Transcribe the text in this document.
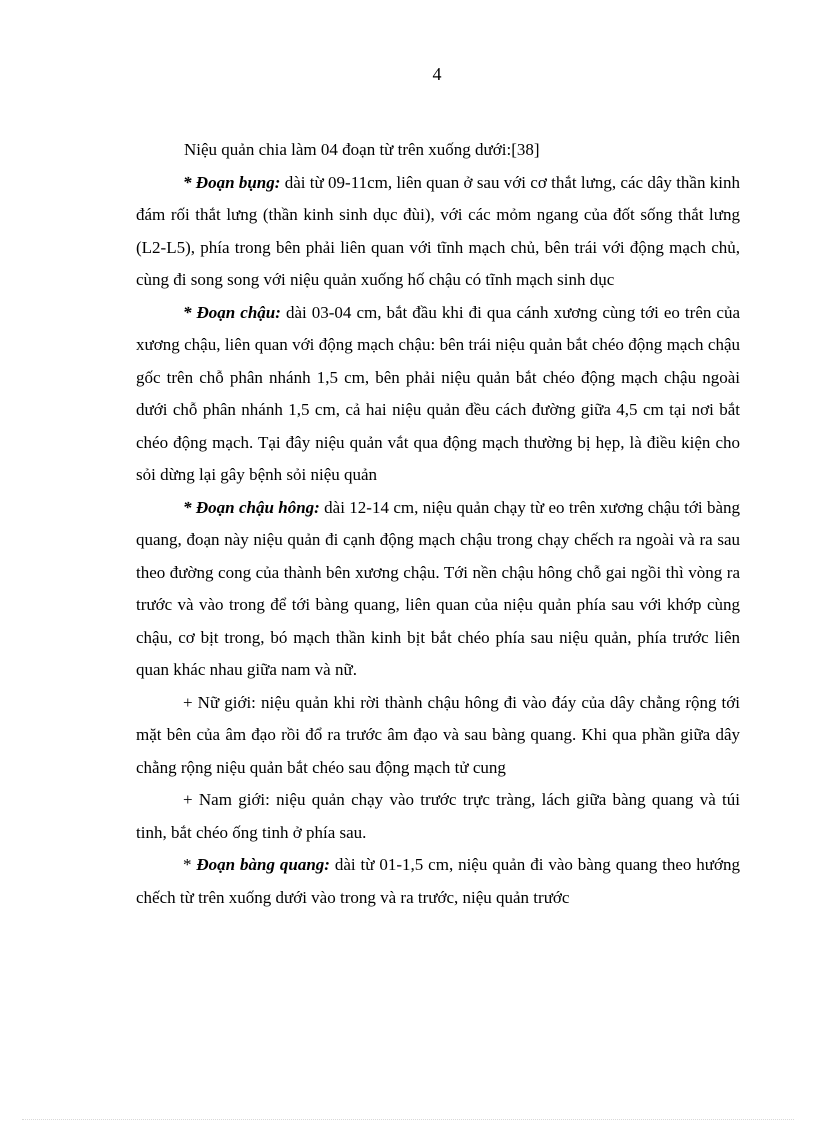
4

Niệu quản chia làm 04 đoạn từ trên xuống dưới:[38]

* Đoạn bụng: dài từ 09-11cm, liên quan ở sau với cơ thắt lưng, các dây thần kinh đám rối thắt lưng (thần kinh sinh dục đùi), với các mỏm ngang của đốt sống thắt lưng (L2-L5), phía trong bên phải liên quan với tĩnh mạch chủ, bên trái với động mạch chủ, cùng đi song song với niệu quản xuống hố chậu có tĩnh mạch sinh dục

* Đoạn chậu: dài 03-04 cm, bắt đầu khi đi qua cánh xương cùng tới eo trên của xương chậu, liên quan với động mạch chậu: bên trái niệu quản bắt chéo động mạch chậu gốc trên chỗ phân nhánh 1,5 cm, bên phải niệu quản bắt chéo động mạch chậu ngoài dưới chỗ phân nhánh 1,5 cm, cả hai niệu quản đều cách đường giữa 4,5 cm tại nơi bắt chéo động mạch. Tại đây niệu quản vắt qua động mạch thường bị hẹp, là điều kiện cho sỏi dừng lại gây bệnh sỏi niệu quản

* Đoạn chậu hông: dài 12-14 cm, niệu quản chạy từ eo trên xương chậu tới bàng quang, đoạn này niệu quản đi cạnh động mạch chậu trong chạy chếch ra ngoài và ra sau theo đường cong của thành bên xương chậu. Tới nền chậu hông chỗ gai ngồi thì vòng ra trước và vào trong để tới bàng quang, liên quan của niệu quản phía sau với khớp cùng chậu, cơ bịt trong, bó mạch thần kinh bịt bắt chéo phía sau niệu quản, phía trước liên quan khác nhau giữa nam và nữ.

+ Nữ giới: niệu quản khi rời thành chậu hông đi vào đáy của dây chằng rộng tới mặt bên của âm đạo rồi đổ ra trước âm đạo và sau bàng quang. Khi qua phần giữa dây chằng rộng niệu quản bắt chéo sau động mạch tử cung

+ Nam giới: niệu quản chạy vào trước trực tràng, lách giữa bàng quang và túi tinh, bắt chéo ống tinh ở phía sau.

* Đoạn bàng quang: dài từ 01-1,5 cm, niệu quản đi vào bàng quang theo hướng chếch từ trên xuống dưới vào trong và ra trước, niệu quản trước
